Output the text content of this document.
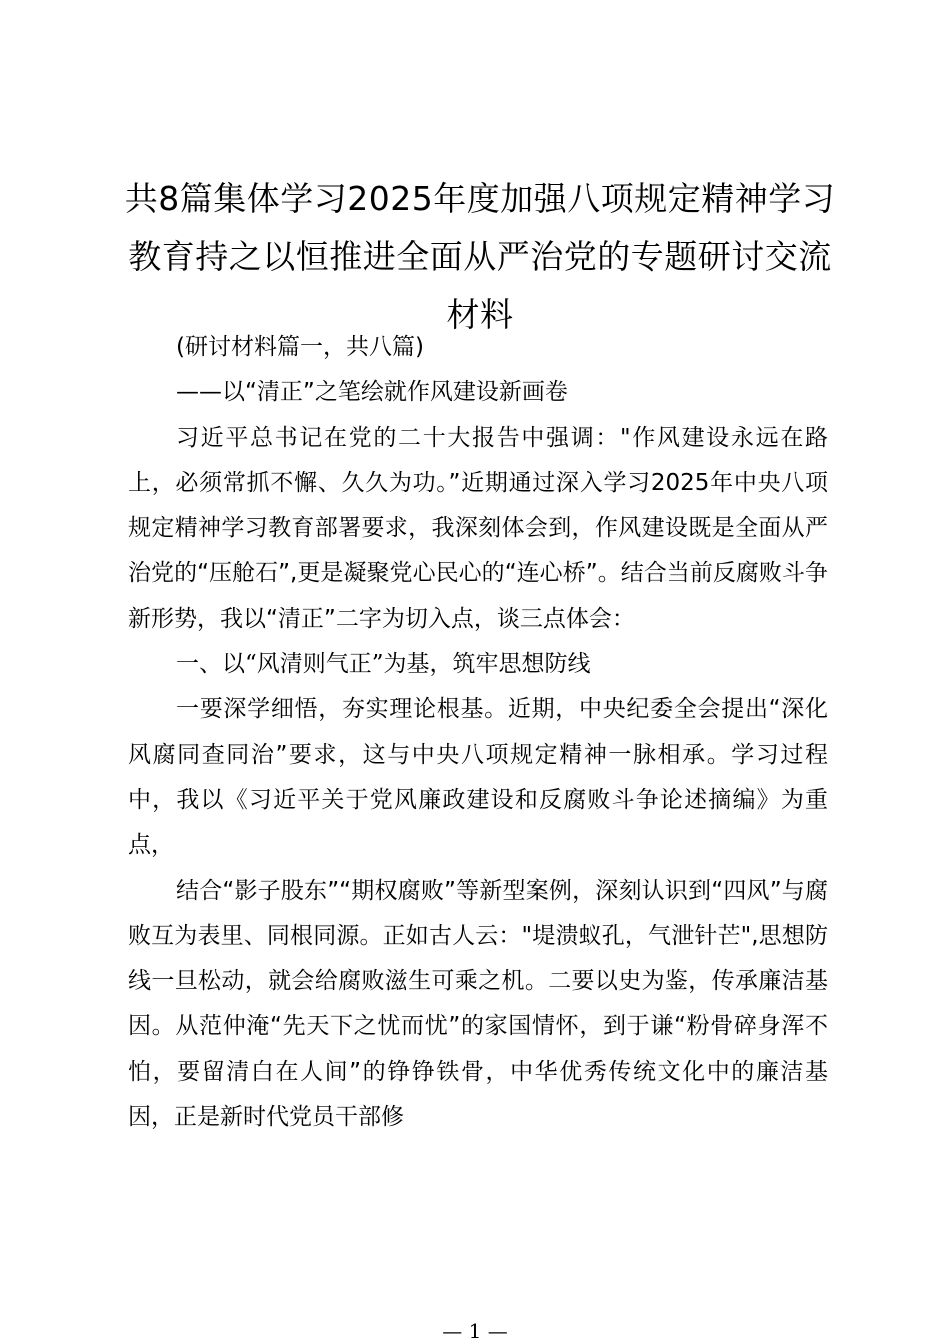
共8篇集体学习2025年度加强八项规定精神学习教育持之以恒推进全面从严治党的专题研讨交流材料

(研讨材料篇一，共八篇)

——以“清正”之笔绘就作风建设新画卷

习近平总书记在党的二十大报告中强调："作风建设永远在路上，必须常抓不懈、久久为功。”近期通过深入学习2025年中央八项规定精神学习教育部署要求，我深刻体会到，作风建设既是全面从严治党的“压舱石”,更是凝聚党心民心的“连心桥”。结合当前反腐败斗争新形势，我以“清正”二字为切入点，谈三点体会：

一、以“风清则气正”为基，筑牢思想防线

一要深学细悟，夯实理论根基。近期，中央纪委全会提出“深化风腐同查同治”要求，这与中央八项规定精神一脉相承。学习过程中，我以《习近平关于党风廉政建设和反腐败斗争论述摘编》为重点，

结合“影子股东”“期权腐败”等新型案例，深刻认识到“四风”与腐败互为表里、同根同源。正如古人云："堤溃蚁孔，气泄针芒",思想防线一旦松动，就会给腐败滋生可乘之机。二要以史为鉴，传承廉洁基因。从范仲淹“先天下之忧而忧”的家国情怀，到于谦“粉骨碎身浑不怕，要留清白在人间”的铮铮铁骨，中华优秀传统文化中的廉洁基因，正是新时代党员干部修

— 1 —
